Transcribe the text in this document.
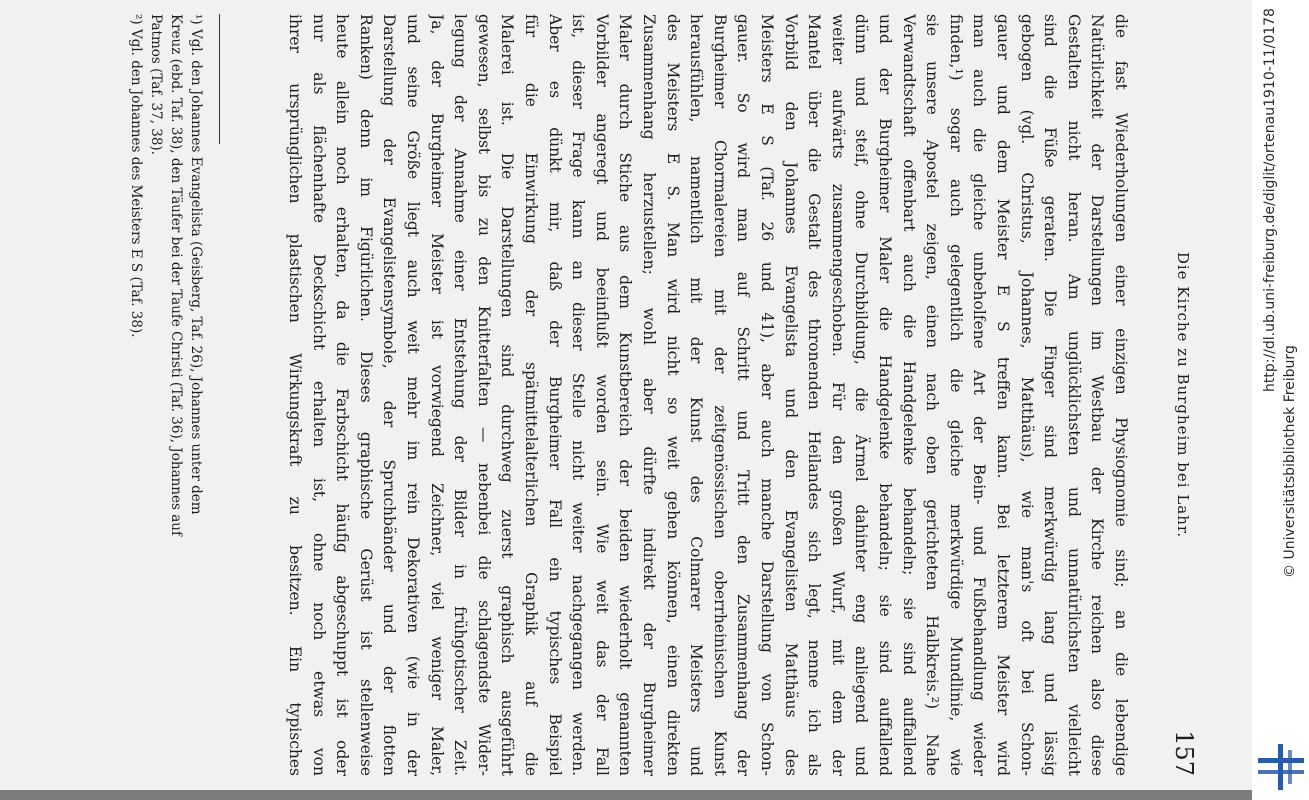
Die Kirche zu Burgheim bei Lahr.
157
die fast Wiederholungen einer einzigen Physiognomie sind; an die lebendige
Natürlichkeit der Darstellungen im Westbau der Kirche reichen also diese
Gestalten nicht heran. Am unglücklichsten und unnatürlichsten vielleicht
sind die Füße geraten. Die Finger sind merkwürdig lang und lässig
gebogen (vgl. Christus, Johannes, Matthäus), wie man's oft bei Schon-
gauer und dem Meister E S treffen kann. Bei letzterem Meister wird
man auch die gleiche unbeholfene Art der Bein- und Fußbehandlung wieder
finden,¹) sogar auch gelegentlich die gleiche merkwürdige Mundlinie, wie
sie unsere Apostel zeigen, einen nach oben gerichteten Halbkreis.²) Nahe
Verwandtschaft offenbart auch die Handgelenke behandeln; sie sind auffallend
und der Burgheimer Maler die Handgelenke behandeln; sie sind auffallend
dünn und steif, ohne Durchbildung, die Ärmel dahinter eng anliegend und
weiter aufwärts zusammengeschoben. Für den großen Wurf, mit dem der
Mantel über die Gestalt des thronenden Heilandes sich legt, nenne ich als
Vorbild den Johannes Evangelista und den Evangelisten Matthäus des
Meisters E S (Taf. 26 und 41), aber auch manche Darstellung von Schon-
gauer. So wird man auf Schritt und Tritt den Zusammenhang der
Burgheimer Chormalereien mit der zeitgenössischen oberrheinischen Kunst
herausfühlen, namentlich mit der Kunst des Colmarer Meisters und
des Meisters E S. Man wird nicht so weit gehen können, einen direkten
Zusammenhang herzustellen; wohl aber dürfte indirekt der Burgheimer
Maler durch Stiche aus dem Kunstbereich der beiden wiederholt genannten
Vorbilder angeregt und beeinflußt worden sein. Wie weit das der Fall
ist, dieser Frage kann an dieser Stelle nicht weiter nachgegangen werden.
Aber es dünkt mir, daß der Burgheimer Fall ein typisches Beispiel
für die Einwirkung der spätmittelalterlichen Graphik auf die
Malerei ist. Die Darstellungen sind durchweg zuerst graphisch ausgeführt
gewesen, selbst bis zu den Knitterfalten — nebenbei die schlagendste Wider-
legung der Annahme einer Entstehung der Bilder in frühgotischer Zeit.
Ja, der Burgheimer Meister ist vorwiegend Zeichner, viel weniger Maler,
und seine Größe liegt auch weit mehr im rein Dekorativen (wie in der
Darstellung der Evangelistensymbole, der Spruchbänder und der flotten
Ranken) denn im Figürlichen. Dieses graphische Gerüst ist stellenweise
heute allein noch erhalten, da die Farbschicht häufig abgeschuppt ist oder
nur als flächenhafte Deckschicht erhalten ist, ohne noch etwas von
ihrer ursprünglichen plastischen Wirkungskraft zu besitzen. Ein typisches
¹) Vgl. den Johannes Evangelista (Geisberg, Taf. 26), Johannes unter dem
Kreuz (ebd. Taf. 38), den Täufer bei der Taufe Christi (Taf. 36), Johannes auf
Patmos (Taf. 37, 38).
²) Vgl. den Johannes des Meisters E S (Taf. 38).	http://dl.ub.uni-freiburg.de/diglit/ortenau1910-11/0178
© Universitätsbibliothek Freiburg
